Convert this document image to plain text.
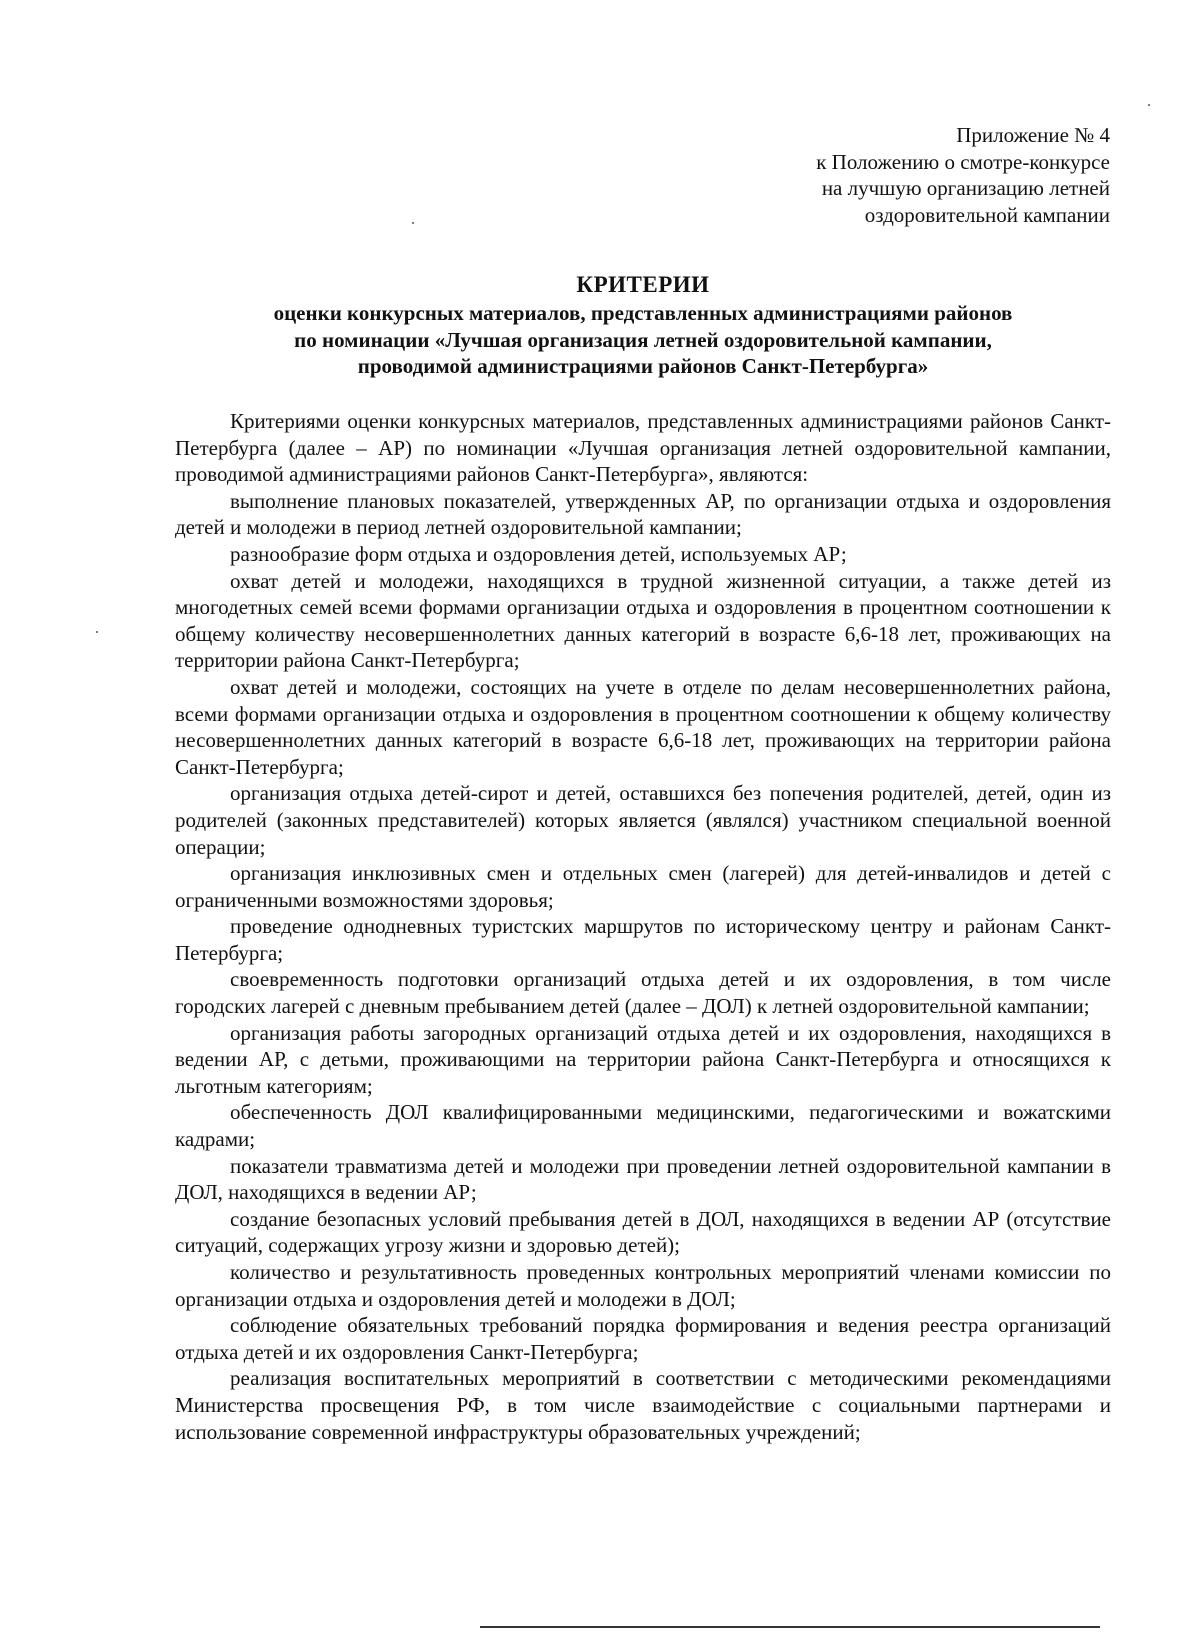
Приложение № 4
к Положению о смотре-конкурсе
на лучшую организацию летней
оздоровительной кампании
КРИТЕРИИ
оценки конкурсных материалов, представленных администрациями районов
по номинации «Лучшая организация летней оздоровительной кампании,
проводимой администрациями районов Санкт-Петербурга»

Критериями оценки конкурсных материалов, представленных администрациями районов Санкт-Петербурга (далее – АР) по номинации «Лучшая организация летней оздоровительной кампании, проводимой администрациями районов Санкт-Петербурга», являются:

выполнение плановых показателей, утвержденных АР, по организации отдыха и оздоровления детей и молодежи в период летней оздоровительной кампании;

разнообразие форм отдыха и оздоровления детей, используемых АР;

охват детей и молодежи, находящихся в трудной жизненной ситуации, а также детей из многодетных семей всеми формами организации отдыха и оздоровления в процентном соотношении к общему количеству несовершеннолетних данных категорий в возрасте 6,6-18 лет, проживающих на территории района Санкт-Петербурга;

охват детей и молодежи, состоящих на учете в отделе по делам несовершеннолетних района, всеми формами организации отдыха и оздоровления в процентном соотношении к общему количеству несовершеннолетних данных категорий в возрасте 6,6-18 лет, проживающих на территории района Санкт-Петербурга;

организация отдыха детей-сирот и детей, оставшихся без попечения родителей, детей, один из родителей (законных представителей) которых является (являлся) участником специальной военной операции;

организация инклюзивных смен и отдельных смен (лагерей) для детей-инвалидов и детей с ограниченными возможностями здоровья;

проведение однодневных туристских маршрутов по историческому центру и районам Санкт-Петербурга;

своевременность подготовки организаций отдыха детей и их оздоровления, в том числе городских лагерей с дневным пребыванием детей (далее – ДОЛ) к летней оздоровительной кампании;

организация работы загородных организаций отдыха детей и их оздоровления, находящихся в ведении АР, с детьми, проживающими на территории района Санкт-Петербурга и относящихся к льготным категориям;

обеспеченность ДОЛ квалифицированными медицинскими, педагогическими и вожатскими кадрами;

показатели травматизма детей и молодежи при проведении летней оздоровительной кампании в ДОЛ, находящихся в ведении АР;

создание безопасных условий пребывания детей в ДОЛ, находящихся в ведении АР (отсутствие ситуаций, содержащих угрозу жизни и здоровью детей);

количество и результативность проведенных контрольных мероприятий членами комиссии по организации отдыха и оздоровления детей и молодежи в ДОЛ;

соблюдение обязательных требований порядка формирования и ведения реестра организаций отдыха детей и их оздоровления Санкт-Петербурга;

реализация воспитательных мероприятий в соответствии с методическими рекомендациями Министерства просвещения РФ, в том числе взаимодействие с социальными партнерами и использование современной инфраструктуры образовательных учреждений;
